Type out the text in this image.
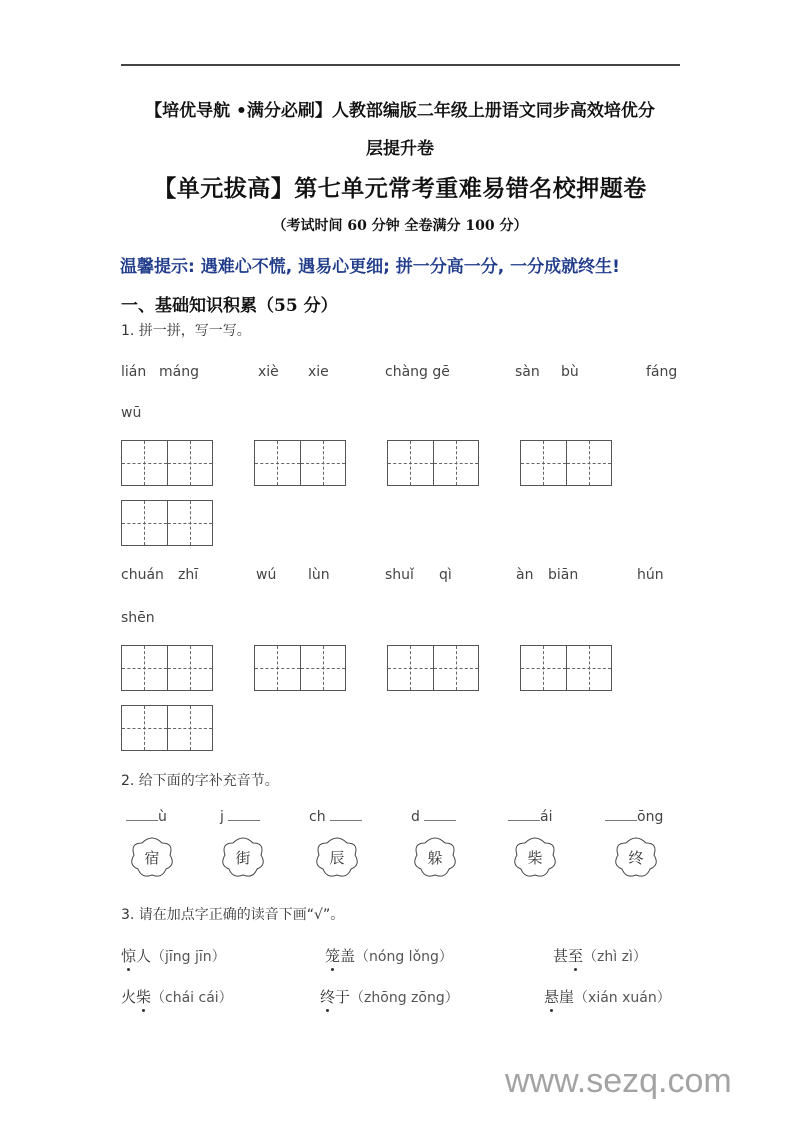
【培优导航 •满分必刷】人教部编版二年级上册语文同步高效培优分
层提升卷
【单元拔高】第七单元常考重难易错名校押题卷
（考试时间 60 分钟 全卷满分 100 分）
温馨提示: 遇难心不慌, 遇易心更细; 拼一分高一分, 一分成就终生!
一、基础知识积累（55 分）
1. 拼一拼，写一写。
lián máng	xiè xie	chàng gē	sàn bù	fáng
wū
chuán zhī	wú lùn	shuǐ qì	àn biān	hún
shēn
2. 给下面的字补充音节。
ù	j	ch	d	ái	ōng
宿	街	辰	躲	柴	终
3. 请在加点字正确的读音下画“√”。
惊人（jīng jīn）	笼盖（nóng lǒng）	甚至（zhì zì）
火柴（chái cái）	终于（zhōng zōng）	悬崖（xián xuán）
www.sezq.com
